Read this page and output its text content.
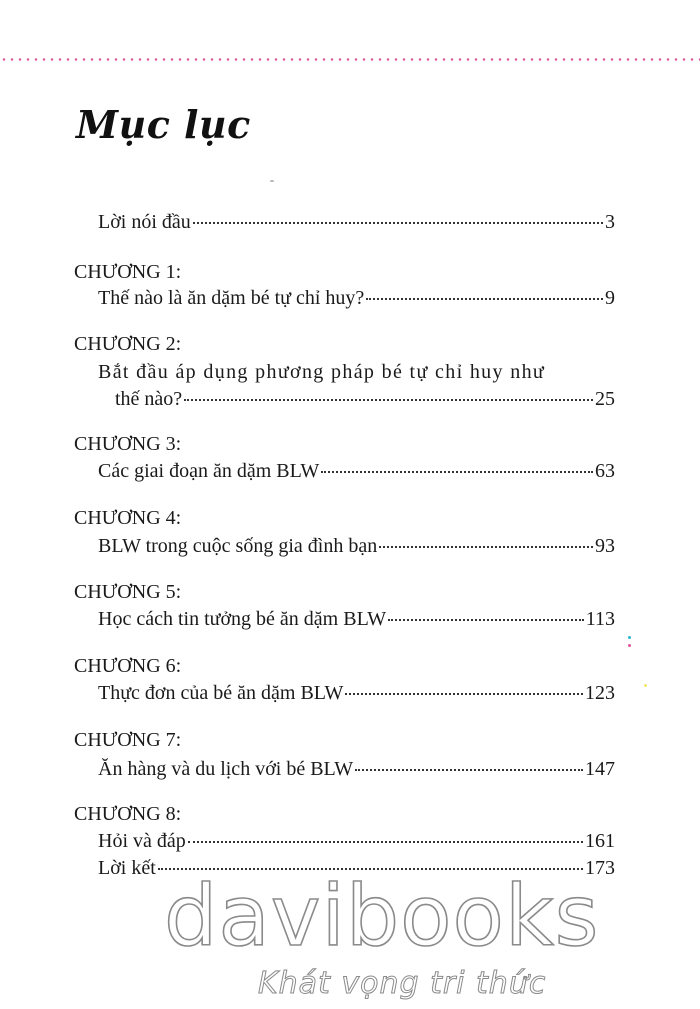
Mục lục
Lời nói đầu	3
CHƯƠNG 1:
Thế nào là ăn dặm bé tự chỉ huy?	9
CHƯƠNG 2:
Bắt đầu áp dụng phương pháp bé tự chỉ huy như
thế nào?	25
CHƯƠNG 3:
Các giai đoạn ăn dặm BLW	63
CHƯƠNG 4:
BLW trong cuộc sống gia đình bạn	93
CHƯƠNG 5:
Học cách tin tưởng bé ăn dặm BLW	113
CHƯƠNG 6:
Thực đơn của bé ăn dặm BLW	123
CHƯƠNG 7:
Ăn hàng và du lịch với bé BLW	147
CHƯƠNG 8:
Hỏi và đáp	161
Lời kết	173
davibooks
Khát vọng tri thức
